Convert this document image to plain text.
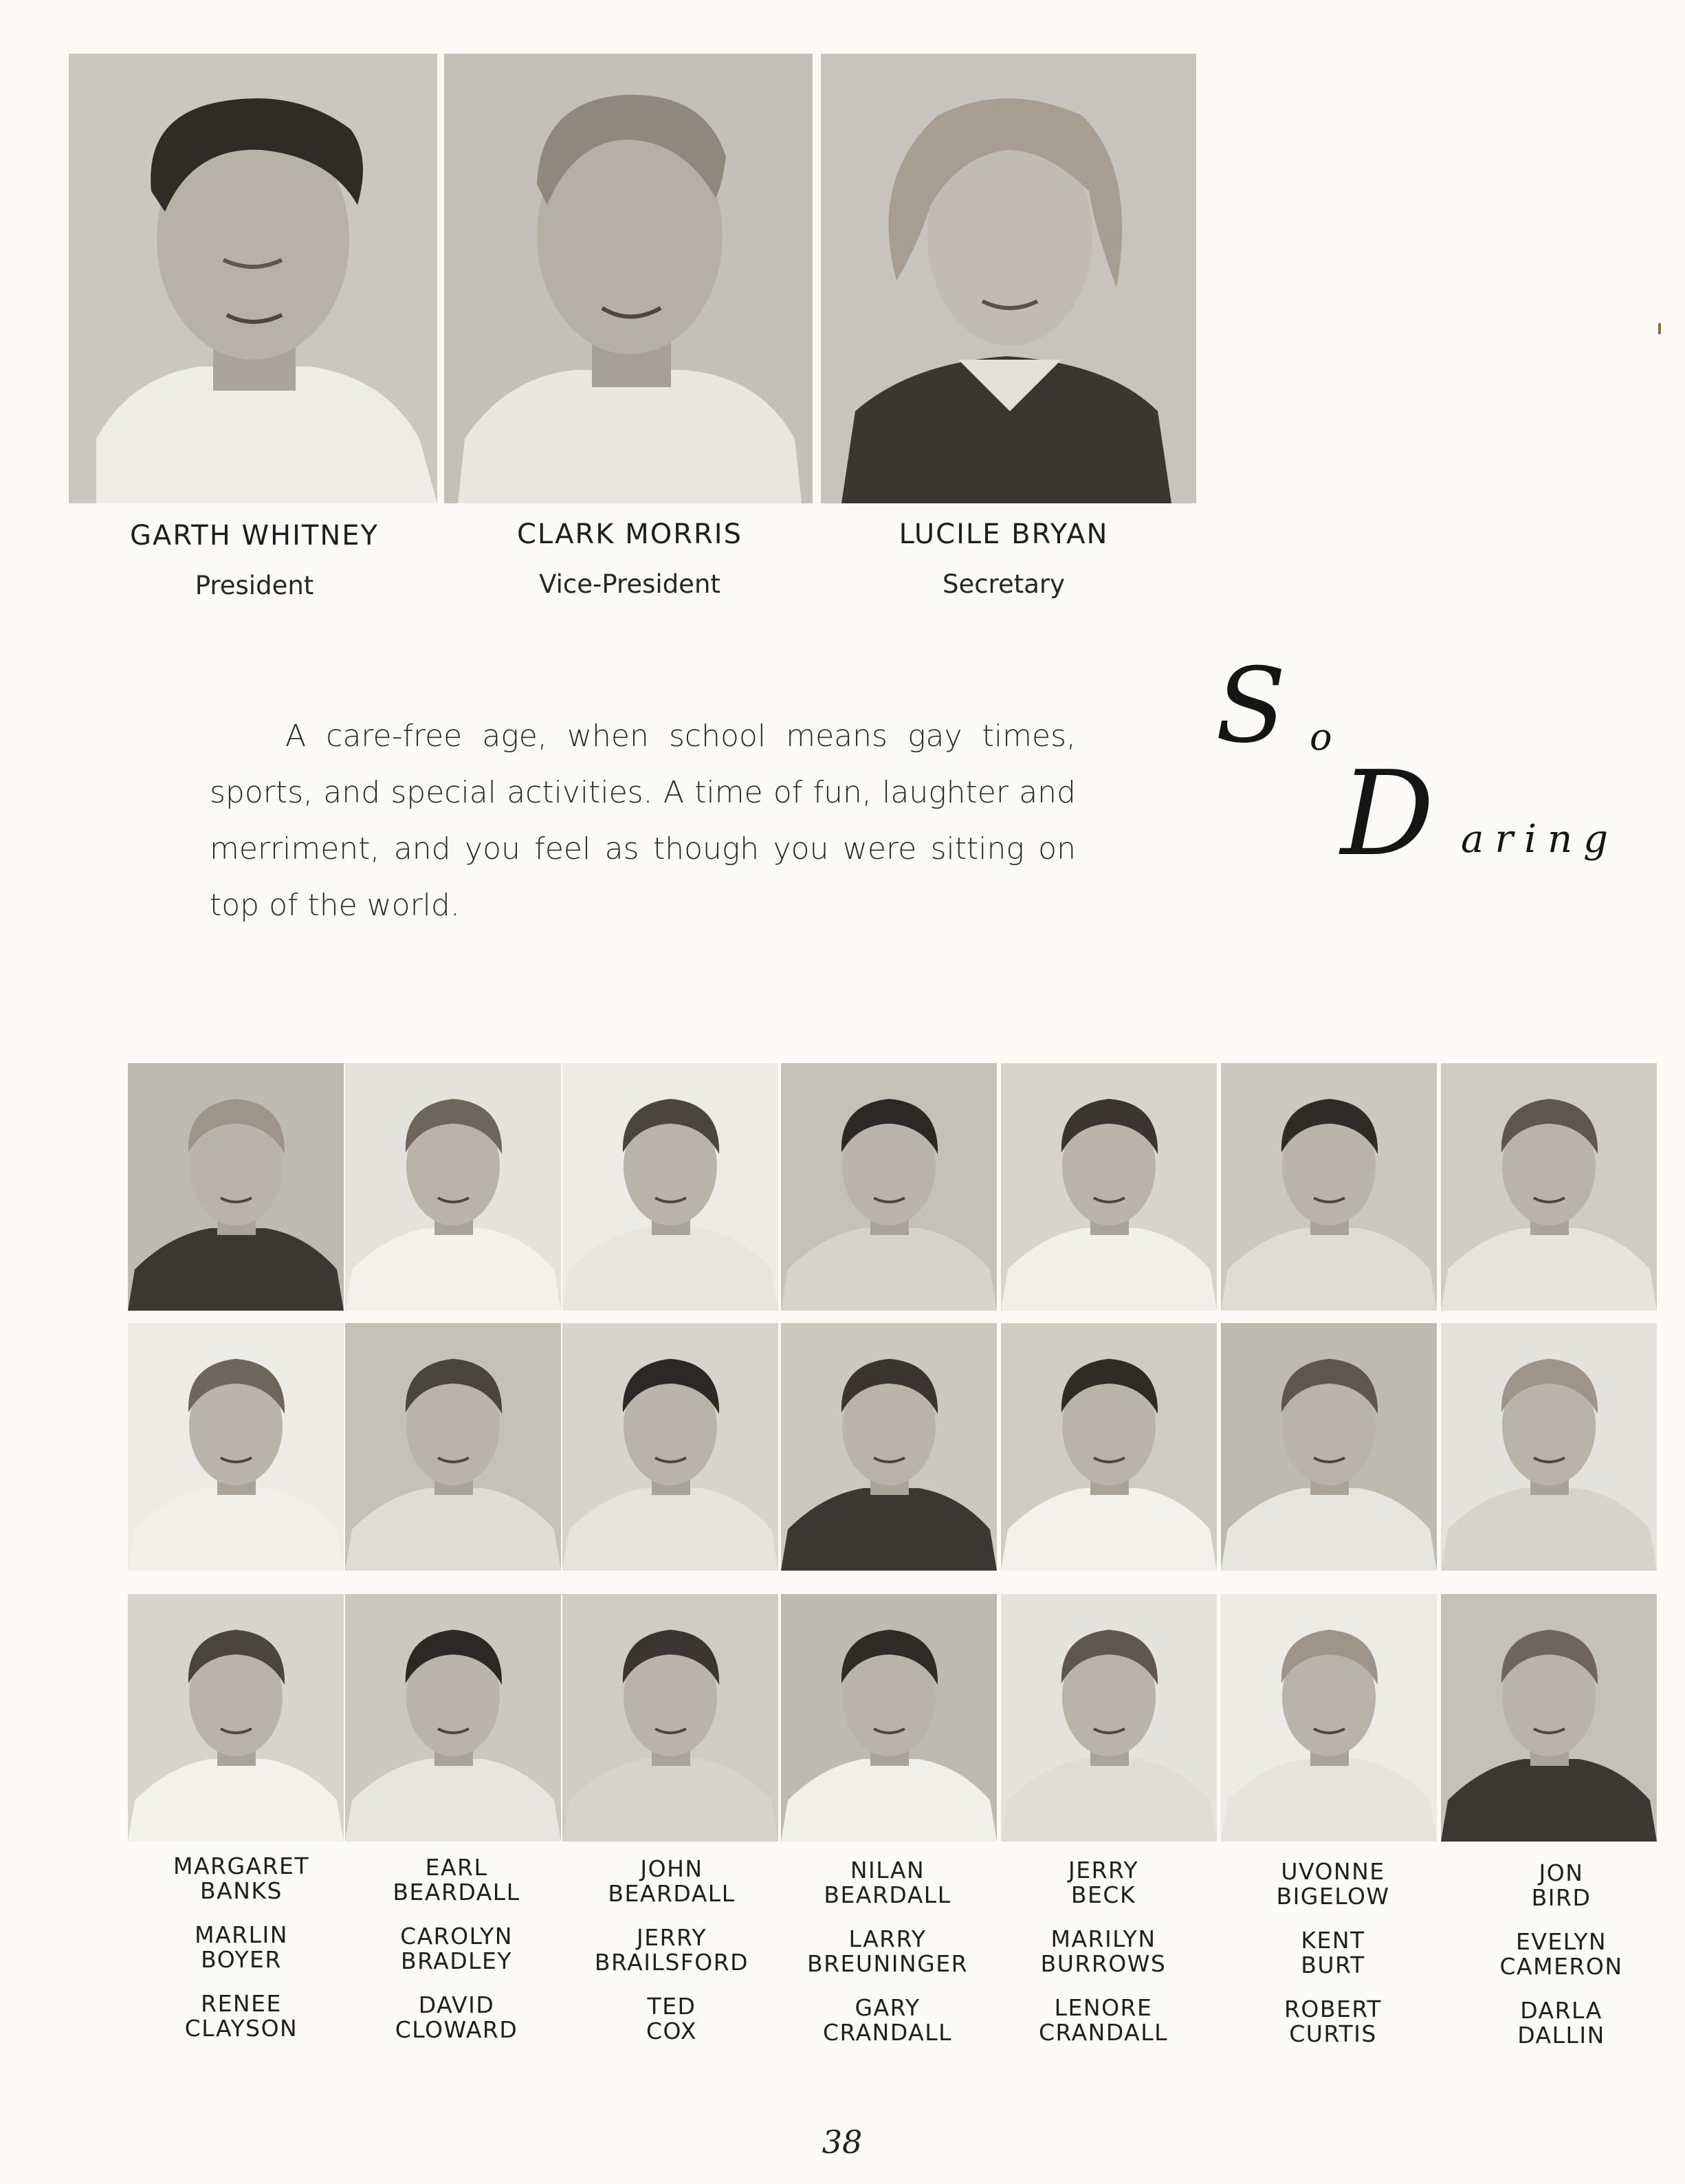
GARTH WHITNEY
President
CLARK MORRIS
Vice-President
LUCILE BRYAN
Secretary
A care-free age, when school means gay times, sports, and special activities. A time of fun, laughter and merriment, and you feel as though you were sitting on top of the world.
S o
D aring
MARGARET
BANKS
MARLIN
BOYER
RENEE
CLAYSON
EARL
BEARDALL
CAROLYN
BRADLEY
DAVID
CLOWARD
JOHN
BEARDALL
JERRY
BRAILSFORD
TED
COX
NILAN
BEARDALL
LARRY
BREUNINGER
GARY
CRANDALL
JERRY
BECK
MARILYN
BURROWS
LENORE
CRANDALL
UVONNE
BIGELOW
KENT
BURT
ROBERT
CURTIS
JON
BIRD
EVELYN
CAMERON
DARLA
DALLIN
38
